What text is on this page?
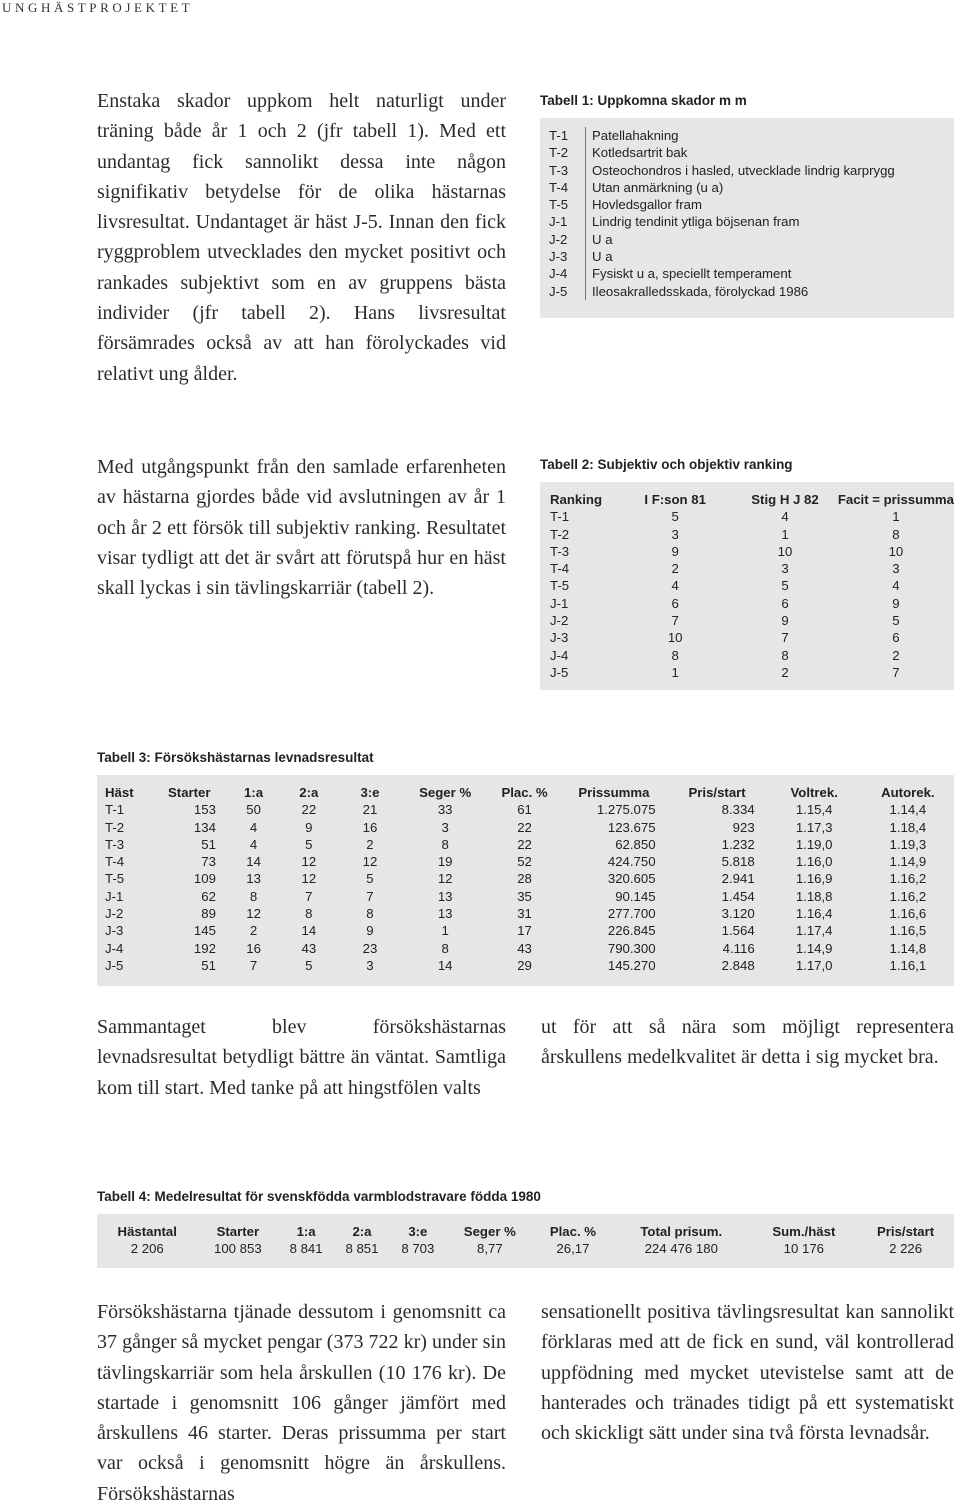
UNGHÄSTPROJEKTET

Enstaka skador uppkom helt naturligt under träning både år 1 och 2 (jfr tabell 1). Med ett undantag fick sannolikt dessa inte någon signifikativ betydelse för de olika hästarnas livsresultat. Undantaget är häst J-5. Innan den fick ryggproblem utvecklades den mycket positivt och rankades subjektivt som en av gruppens bästa individer (jfr tabell 2). Hans livsresultat försämrades också av att han förolyckades vid relativt ung ålder.

Tabell 1: Uppkomna skador m m
T-1	Patellahakning
T-2	Kotledsartrit bak
T-3	Osteochondros i hasled, utvecklade lindrig karprygg
T-4	Utan anmärkning (u a)
T-5	Hovledsgallor fram
J-1	Lindrig tendinit ytliga böjsenan fram
J-2	U a
J-3	U a
J-4	Fysiskt u a, speciellt temperament
J-5	Ileosakralledsskada, förolyckad 1986

Med utgångspunkt från den samlade erfarenheten av hästarna gjordes både vid avslutningen av år 1 och år 2 ett försök till subjektiv ranking. Resultatet visar tydligt att det är svårt att förutspå hur en häst skall lyckas i sin tävlingskarriär (tabell 2).

Tabell 2: Subjektiv och objektiv ranking
Ranking	I F:son 81	Stig H J 82	Facit = prissumma
T-1	5	4	1
T-2	3	1	8
T-3	9	10	10
T-4	2	3	3
T-5	4	5	4
J-1	6	6	9
J-2	7	9	5
J-3	10	7	6
J-4	8	8	2
J-5	1	2	7
Tabell 3: Försökshästarnas levnadsresultat
Häst	Starter	1:a	2:a	3:e	Seger %	Plac. %	Prissumma	Pris/start	Voltrek.	Autorek.
T-1	153	50	22	21	33	61	1.275.075	8.334	1.15,4	1.14,4
T-2	134	4	9	16	3	22	123.675	923	1.17,3	1.18,4
T-3	51	4	5	2	8	22	62.850	1.232	1.19,0	1.19,3
T-4	73	14	12	12	19	52	424.750	5.818	1.16,0	1.14,9
T-5	109	13	12	5	12	28	320.605	2.941	1.16,9	1.16,2
J-1	62	8	7	7	13	35	90.145	1.454	1.18,8	1.16,2
J-2	89	12	8	8	13	31	277.700	3.120	1.16,4	1.16,6
J-3	145	2	14	9	1	17	226.845	1.564	1.17,4	1.16,5
J-4	192	16	43	23	8	43	790.300	4.116	1.14,9	1.14,8
J-5	51	7	5	3	14	29	145.270	2.848	1.17,0	1.16,1

Sammantaget blev försökshästarnas levnadsresultat betydligt bättre än väntat. Samtliga kom till start. Med tanke på att hingstfölen valts

ut för att så nära som möjligt representera årskullens medelkvalitet är detta i sig mycket bra.

Tabell 4: Medelresultat för svenskfödda varmblodstravare födda 1980
Hästantal	Starter	1:a	2:a	3:e	Seger %	Plac. %	Total prisum.	Sum./häst	Pris/start
2 206	100 853	8 841	8 851	8 703	8,77	26,17	224 476 180	10 176	2 226

Försökshästarna tjänade dessutom i genomsnitt ca 37 gånger så mycket pengar (373 722 kr) under sin tävlingskarriär som hela årskullen (10 176 kr). De startade i genomsnitt 106 gånger jämfört med årskullens 46 starter. Deras prissumma per start var också i genomsnitt högre än årskullens. Försökshästarnas

sensationellt positiva tävlingsresultat kan sannolikt förklaras med att de fick en sund, väl kontrollerad uppfödning med mycket utevistelse samt att de hanterades och tränades tidigt på ett systematiskt och skickligt sätt under sina två första levnadsår.
